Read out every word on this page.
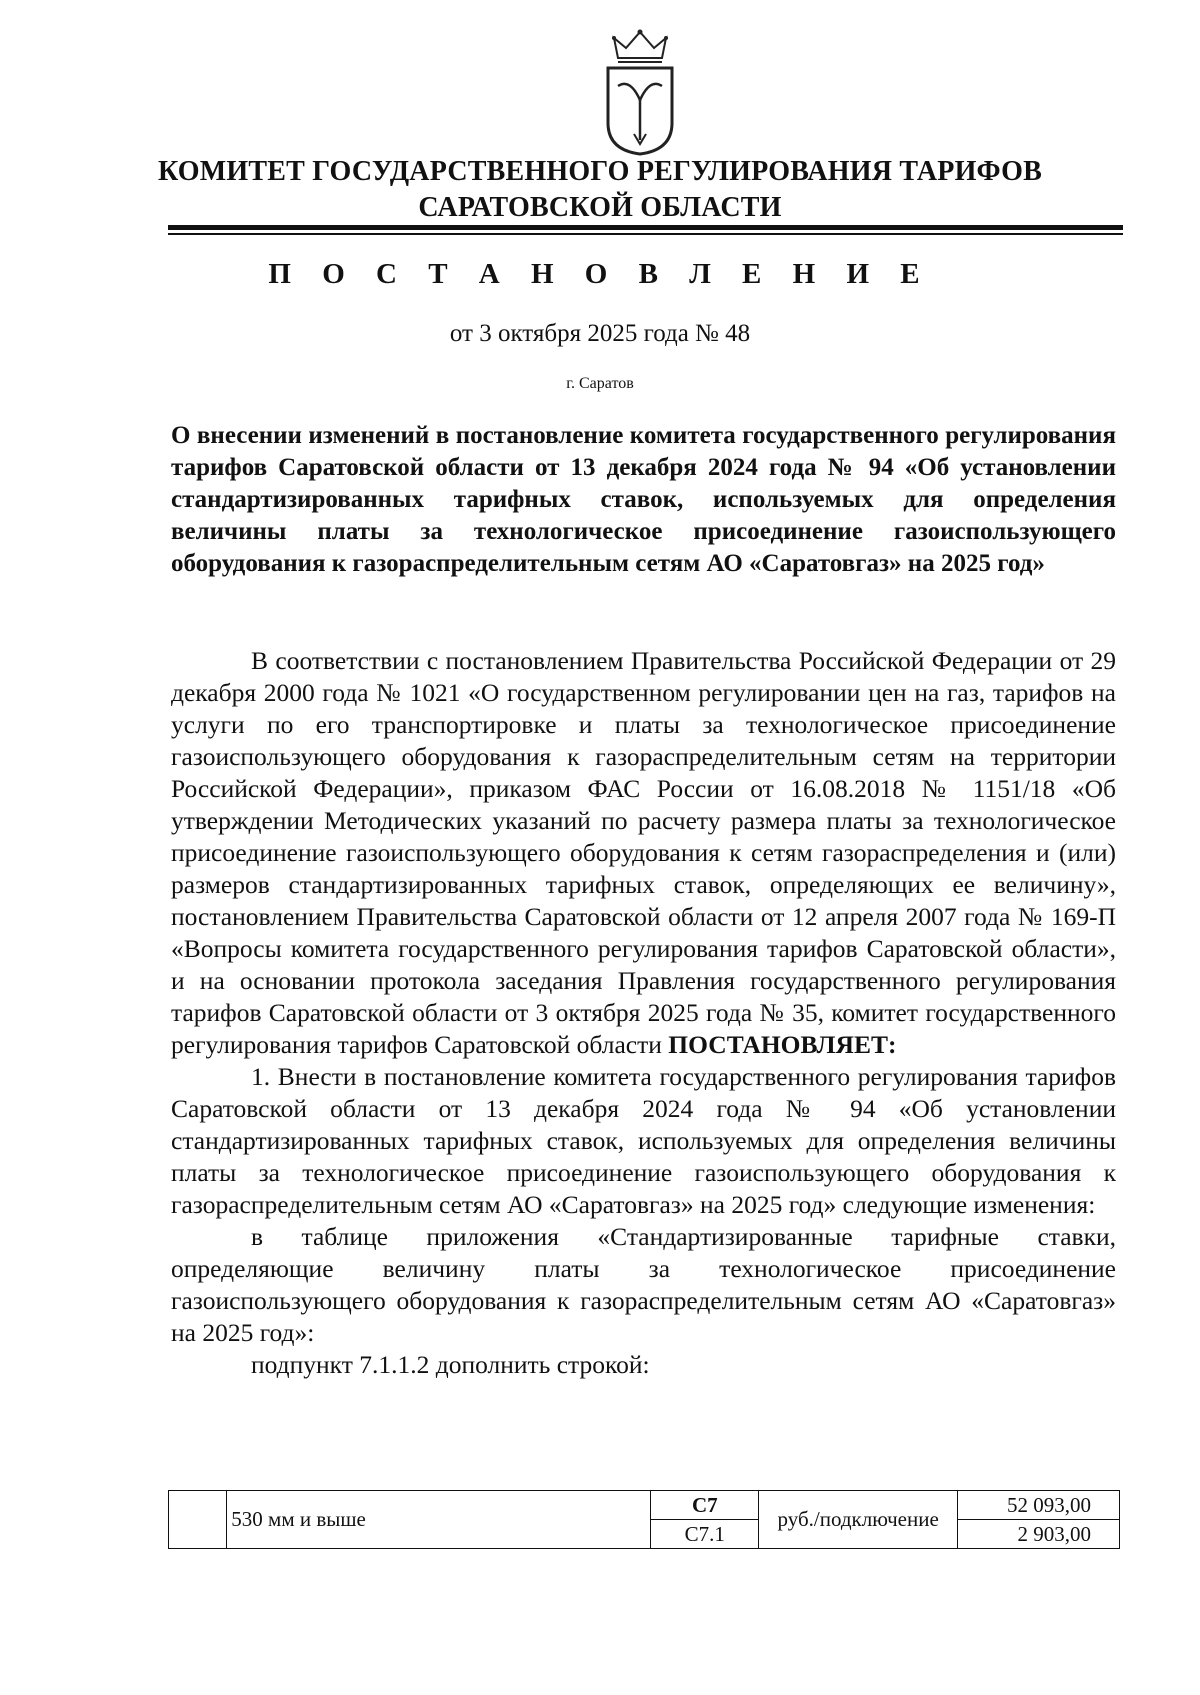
КОМИТЕТ ГОСУДАРСТВЕННОГО РЕГУЛИРОВАНИЯ ТАРИФОВ
САРАТОВСКОЙ ОБЛАСТИ
П О С Т А Н О В Л Е Н И Е
от 3 октября 2025 года № 48
г. Саратов
О внесении изменений в постановление комитета государственного регулирования тарифов Саратовской области от 13 декабря 2024 года № 94 «Об установлении стандартизированных тарифных ставок, используемых для определения величины платы за технологическое присоединение газоиспользующего оборудования к газораспределительным сетям АО «Саратовгаз» на 2025 год»

В соответствии с постановлением Правительства Российской Федерации от 29 декабря 2000 года № 1021 «О государственном регулировании цен на газ, тарифов на услуги по его транспортировке и платы за технологическое присоединение газоиспользующего оборудования к газораспределительным сетям на территории Российской Федерации», приказом ФАС России от 16.08.2018 № 1151/18 «Об утверждении Методических указаний по расчету размера платы за технологическое присоединение газоиспользующего оборудования к сетям газораспределения и (или) размеров стандартизированных тарифных ставок, определяющих ее величину», постановлением Правительства Саратовской области от 12 апреля 2007 года № 169-П «Вопросы комитета государственного регулирования тарифов Саратовской области», и на основании протокола заседания Правления государственного регулирования тарифов Саратовской области от 3 октября 2025 года № 35, комитет государственного регулирования тарифов Саратовской области ПОСТАНОВЛЯЕТ:

1. Внести в постановление комитета государственного регулирования тарифов Саратовской области от 13 декабря 2024 года № 94 «Об установлении стандартизированных тарифных ставок, используемых для определения величины платы за технологическое присоединение газоиспользующего оборудования к газораспределительным сетям АО «Саратовгаз» на 2025 год» следующие изменения:

в таблице приложения «Стандартизированные тарифные ставки, определяющие величину платы за технологическое присоединение газоиспользующего оборудования к газораспределительным сетям АО «Саратовгаз» на 2025 год»:

подпункт 7.1.1.2 дополнить строкой:

	530 мм и выше	С7	руб./подключение	52 093,00
		С7.1		2 903,00
